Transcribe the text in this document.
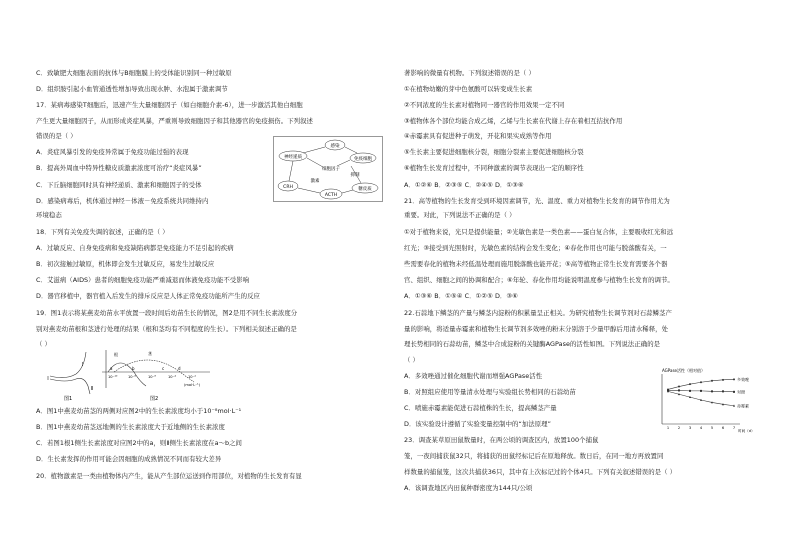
C．致敏肥大细胞表面的抗体与B细胞膜上的受体能识别同一种过敏原
D．组织胺引起小血管通透性增加导致出现水肿、水泡属于激素调节
17．某病毒感染T细胞后，迅速产生大量细胞因子（如白细胞介素-6），进一步激活其他白细胞
产生更大量细胞因子，从而形成炎症风暴，严重则导致细胞因子和其他器官的免疫损伤。下列叙述
错误的是（ ）
A．炎症风暴引发的免疫异常属于免疫功能过强的表现
B．提高外周血中特异性糖皮质激素浓度可治疗“炎症风暴”
C．下丘脑细胞同时具有神经递质、激素和细胞因子的受体
D．感染病毒后，机体通过神经－体液－免疫系统共同维持内
环境稳态
18．下列有关免疫失调的叙述，正确的是（ ）
A．过敏反应、自身免疫病和免疫缺陷病都是免疫能力不足引起的疾病
B．初次接触过敏原，机体即会发生过敏反应，易发生过敏反应
C．艾滋病（AIDS）患者的细胞免疫功能严重减退而体液免疫功能不受影响
D．器官移植中，器官植入后发生的排斥反应是人体正常免疫功能所产生的反应
19．图1表示将某燕麦幼苗水平放置一段时间后幼苗生长的情况，图2是用不同生长素浓度分
别对燕麦幼苗根和茎进行处理的结果（根和茎均有不同程度的生长）。下列相关叙述正确的是
（ ）
A．图1中燕麦幼苗茎的两侧对应图2中的生长素浓度均小于10⁻⁸mol·L⁻¹
B．图1中燕麦幼苗茎远地侧的生长素浓度大于近地侧的生长素浓度
C．若图1根1侧生长素浓度对应图2中的a，则Ⅱ侧生长素浓度在a～b之间
D．生长素发挥的作用可能会因细胞的成熟情况不同而有较大差异
20．植物激素是一类由植物体内产生，能从产生部位运送到作用部位，对植物的生长发育有显
感染
神经递质	免疫细胞
细胞因子
CRH
激素
ACTH
抑制
糖皮质
Ⅰ
Ⅱ
图1
根	茎
a	b	c	d
10⁻¹⁰	10⁻⁸	10⁻⁶	10⁻⁴	10⁻²
(mol·L⁻¹)
图2
著影响的微量有机物。下列叙述错误的是（ ）
①在植物幼嫩的芽中色氨酸可以转变成生长素
②不同浓度的生长素对植物同一器官的作用效果一定不同
③植物体各个部位均能合成乙烯，乙烯与生长素在代谢上存在着相互拮抗作用
④赤霉素具有促进种子萌发，开花和果实成熟等作用
⑤生长素主要促进细胞核分裂，细胞分裂素主要促进细胞核分裂
⑥植物生长发育过程中，不同种激素的调节表现出一定的顺序性
A．①②⑥ B．②③⑤ C．②④⑤ D．①③⑥
21．高等植物的生长发育受到环境因素调节，光、温度、重力对植物生长发育的调节作用尤为
重要。对此，下列说法不正确的是（ ）
①对于植物来说，光只是提供能量；②光敏色素是一类色素——蛋白复合体，主要吸收红光和远
红光；③接受到光照射时，光敏色素的结构会发生变化；④春化作用也可能与脱落酸有关，一
些需要春化的植物未经低温处理而施用脱落酸也能开花；⑤高等植物正常生长发育需要各个器
官、组织、细胞之间的协调和配合；⑥年轮、春化作用均能说明温度参与植物生长发育的调节。
A．①③⑥ B．①⑤④ C．①②⑤ D．③⑥
22.石蒜地下鳞茎的产量与鳞茎内淀粉的积累量呈正相关。为研究植物生长调节剂对石蒜鳞茎产
量的影响，将适量赤霉素和植物生长调节剂多效唑的粉末分别溶于少量甲醇后用清水稀释，处
理长势相同的石蒜幼苗，鳞茎中合成淀粉的关键酶AGPase的活性如图。下列说法正确的是
（ ）
A．多效唑通过催化细胞代谢而增强AGPase活性
B．对照组应使用等量清水处理与实验组长势相同的石蒜幼苗
C．喷施赤霉素能促进石蒜植株的生长，提高鳞茎产量
D．该实验设计遵循了实验变量控制中的“加法原理”
23．调查某草原田鼠数量时，在两公顷的调查区内，放置100个捕鼠
笼，一夜间捕获鼠32只，将捕获的田鼠经标记后在原地释放。数日后，在同一地方再放置同
样数量的捕鼠笼，这次共捕获36只，其中有上次标记过的个体4只。下列有关叙述错误的是（ ）
A．该调查地区内田鼠种群密度为144只/公顷
AGPase活性（相对值）
时间（d）
1 2 3 4 5 6 7
多效唑
对照
赤霉素
